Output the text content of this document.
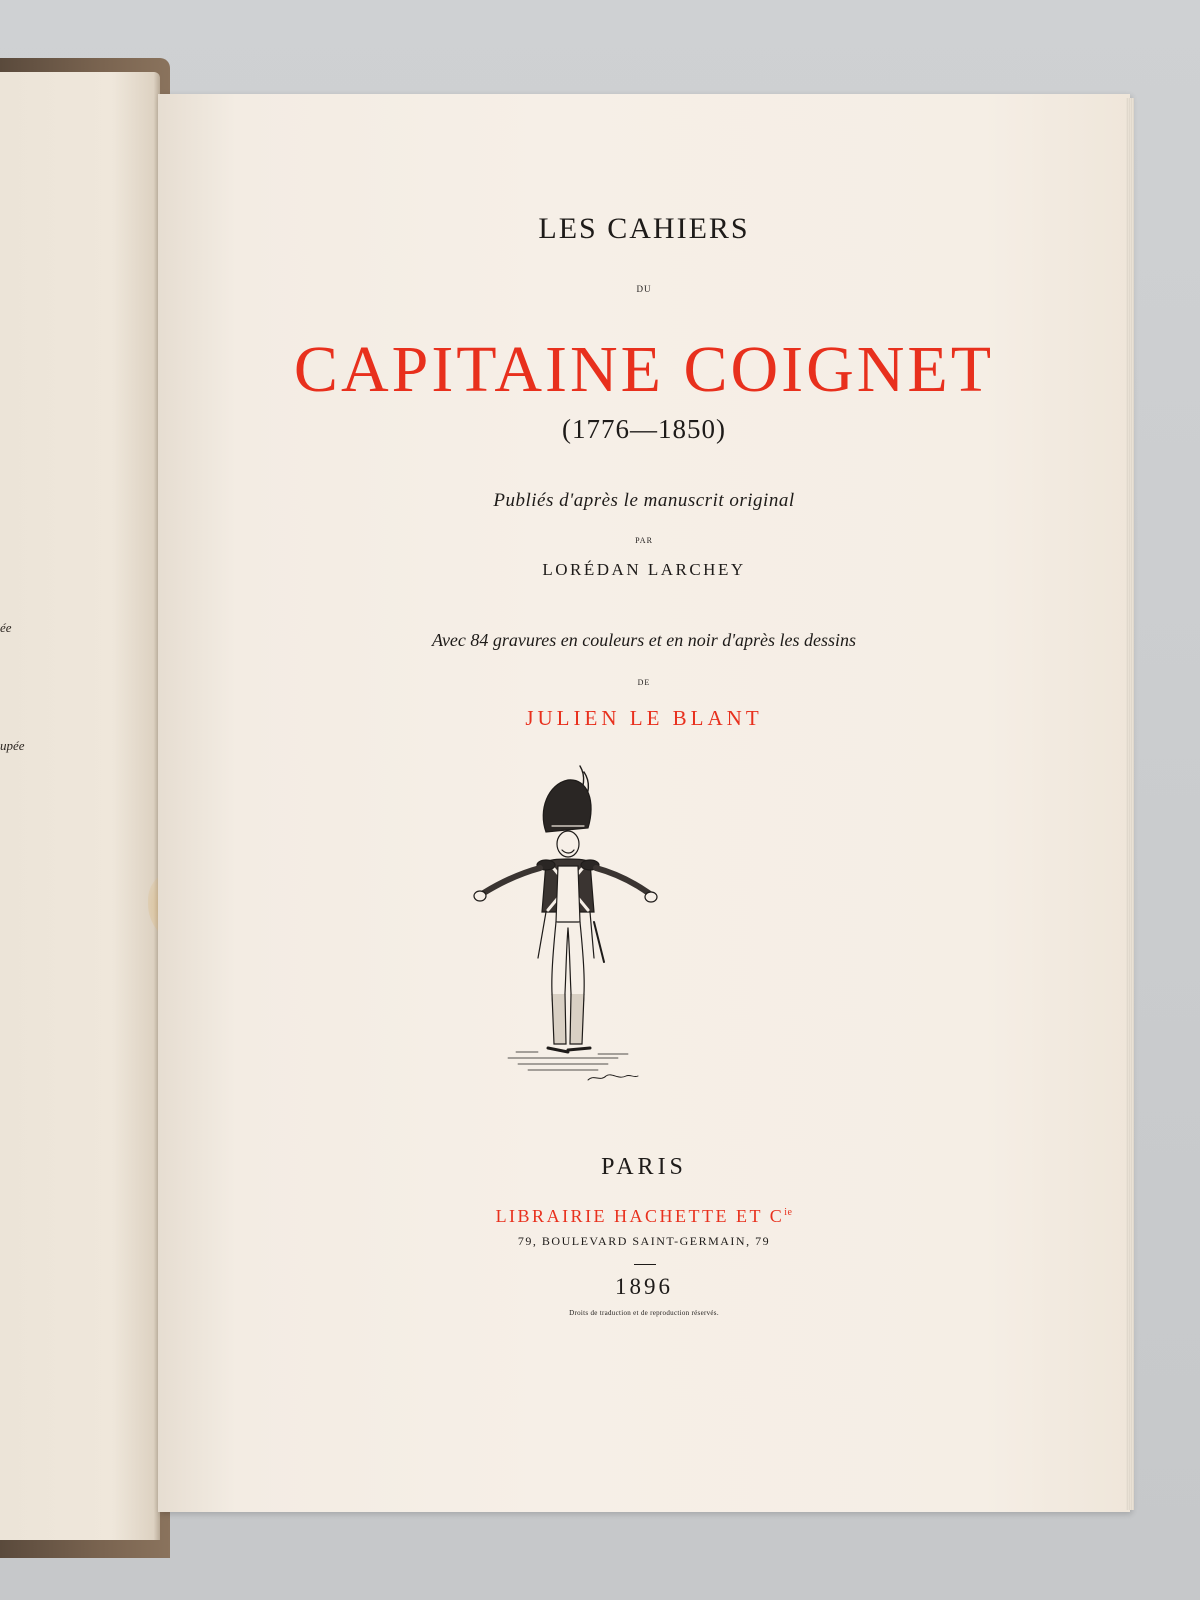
ée
upée
LES CAHIERS
DU
CAPITAINE COIGNET
(1776—1850)
Publiés d'après le manuscrit original
PAR
LORÉDAN LARCHEY
Avec 84 gravures en couleurs et en noir d'après les dessins
DE
JULIEN LE BLANT
PARIS
LIBRAIRIE HACHETTE ET $C^{ie}$
79, BOULEVARD SAINT-GERMAIN, 79
1896
Droits de traduction et de reproduction réservés.
